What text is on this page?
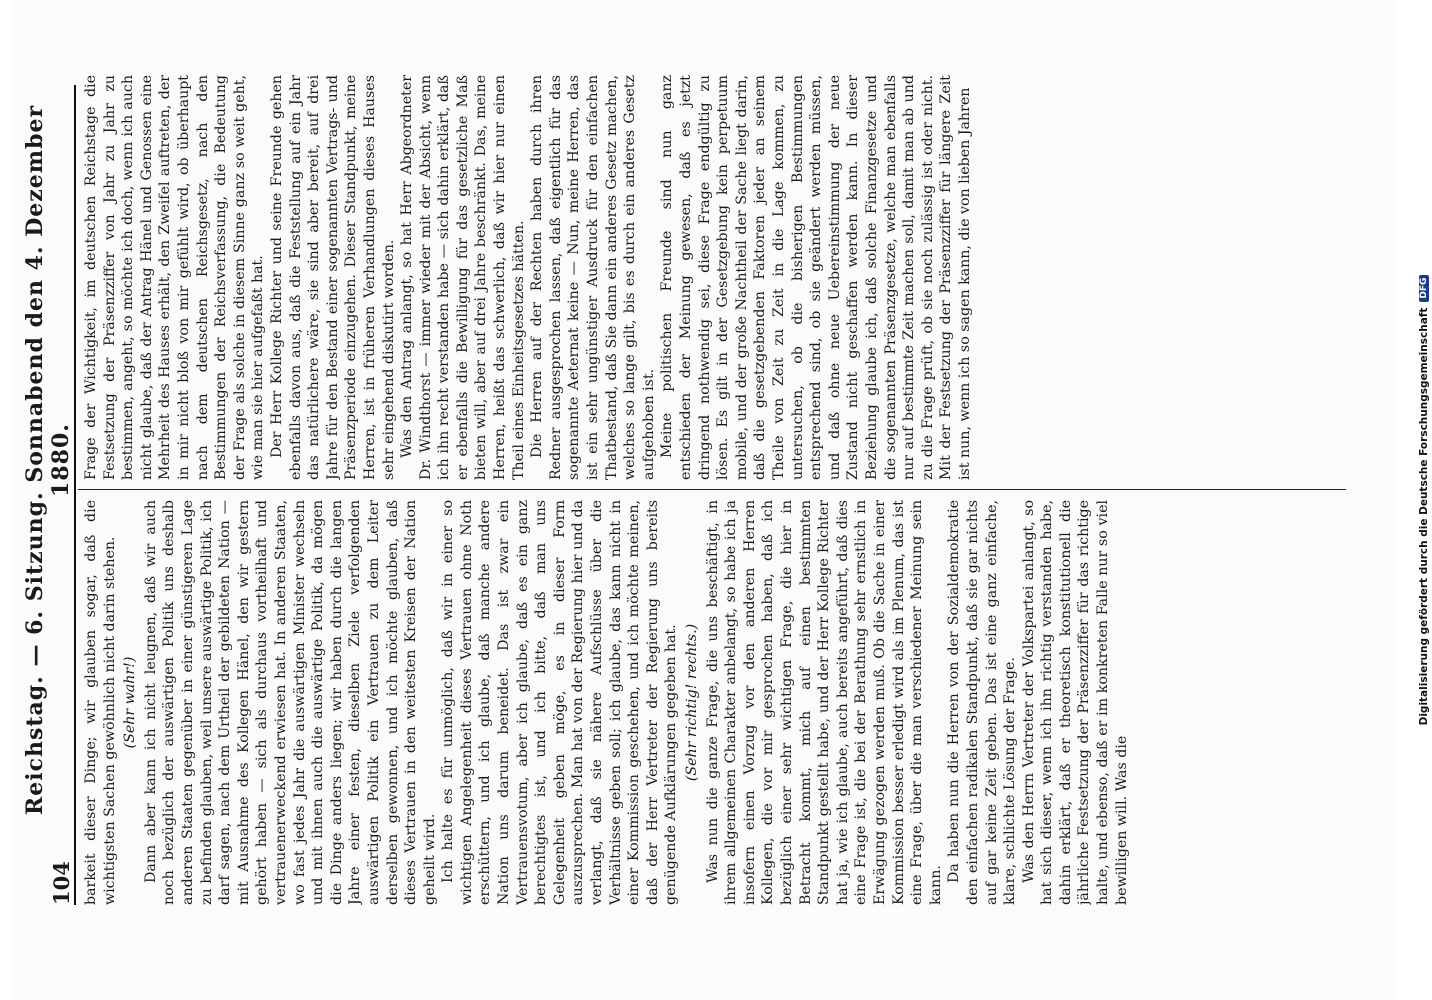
104
Reichstag. — 6. Sitzung. Sonnabend den 4. Dezember 1880.

barkeit dieser Dinge; wir glauben sogar, daß die wichtigsten Sachen gewöhnlich nicht darin stehen. (Sehr wahr!) Dann aber kann ich nicht leugnen, daß wir auch noch bezüglich der auswärtigen Politik uns deshalb anderen Staaten gegenüber in einer günstigeren Lage zu befinden glauben, weil unsere auswärtige Politik, ich darf sagen, nach dem Urtheil der gebildeten Nation — mit Ausnahme des Kollegen Hänel, den wir gestern gehört haben — sich als durchaus vortheilhaft und vertrauenerweckend erwiesen hat. In anderen Staaten, wo fast jedes Jahr die auswärtigen Minister wechseln und mit ihnen auch die auswärtige Politik, da mögen die Dinge anders liegen; wir haben durch die langen Jahre einer festen, dieselben Ziele verfolgenden auswärtigen Politik ein Vertrauen zu dem Leiter derselben gewonnen, und ich möchte glauben, daß dieses Vertrauen in den weitesten Kreisen der Nation geheilt wird. Ich halte es für unmöglich, daß wir in einer so wichtigen Angelegenheit dieses Vertrauen ohne Noth erschüttern, und ich glaube, daß manche andere Nation uns darum beneidet. Das ist zwar ein Vertrauensvotum, aber ich glaube, daß es ein ganz berechtigtes ist, und ich bitte, daß man uns Gelegenheit geben möge, es in dieser Form auszusprechen. Man hat von der Regierung hier und da verlangt, daß sie nähere Aufschlüsse über die Verhältnisse geben soll; ich glaube, das kann nicht in einer Kommission geschehen, und ich möchte meinen, daß der Herr Vertreter der Regierung uns bereits genügende Aufklärungen gegeben hat. (Sehr richtig! rechts.) Was nun die ganze Frage, die uns beschäftigt, in ihrem allgemeinen Charakter anbelangt, so habe ich ja insofern einen Vorzug vor den anderen Herren Kollegen, die vor mir gesprochen haben, daß ich bezüglich einer sehr wichtigen Frage, die hier in Betracht kommt, mich auf einen bestimmten Standpunkt gestellt habe, und der Herr Kollege Richter hat ja, wie ich glaube, auch bereits angeführt, daß dies eine Frage ist, die bei der Berathung sehr ernstlich in Erwägung gezogen werden muß. Ob die Sache in einer Kommission besser erledigt wird als im Plenum, das ist eine Frage, über die man verschiedener Meinung sein kann.

Da haben nun die Herren von der Sozialdemokratie den einfachen radikalen Standpunkt, daß sie gar nichts auf gar keine Zeit geben. Das ist eine ganz einfache, klare, schlichte Lösung der Frage. Was den Herrn Vertreter der Volkspartei anlangt, so hat sich dieser, wenn ich ihn richtig verstanden habe, dahin erklärt, daß er theoretisch konstitutionell die jährliche Festsetzung der Präsenzziffer für das richtige halte, und ebenso, daß er im konkreten Falle nur so viel bewilligen will. Was die

Frage der Wichtigkeit, im deutschen Reichstage die Festsetzung der Präsenzziffer von Jahr zu Jahr zu bestimmen, angeht, so möchte ich doch, wenn ich auch nicht glaube, daß der Antrag Hänel und Genossen eine Mehrheit des Hauses erhält, den Zweifel auftreten, der in mir nicht bloß von mir gefühlt wird, ob überhaupt nach dem deutschen Reichsgesetz, nach den Bestimmungen der Reichsverfassung, die Bedeutung der Frage als solche in diesem Sinne ganz so weit geht, wie man sie hier aufgefaßt hat. Der Herr Kollege Richter und seine Freunde gehen ebenfalls davon aus, daß die Feststellung auf ein Jahr das natürlichere wäre, sie sind aber bereit, auf drei Jahre für den Bestand einer sogenannten Vertrags- und Präsenzperiode einzugehen. Dieser Standpunkt, meine Herren, ist in früheren Verhandlungen dieses Hauses sehr eingehend diskutirt worden. Was den Antrag anlangt, so hat Herr Abgeordneter Dr. Windthorst — immer wieder mit der Absicht, wenn ich ihn recht verstanden habe — sich dahin erklärt, daß er ebenfalls die Bewilligung für das gesetzliche Maß bieten will, aber auf drei Jahre beschränkt. Das, meine Herren, heißt das schwerlich, daß wir hier nur einen Theil eines Einheitsgesetzes hätten. Die Herren auf der Rechten haben durch ihren Redner ausgesprochen lassen, daß eigentlich für das sogenannte Aeternat keine — Nun, meine Herren, das ist ein sehr ungünstiger Ausdruck für den einfachen Thatbestand, daß Sie dann ein anderes Gesetz machen, welches so lange gilt, bis es durch ein anderes Gesetz aufgehoben ist. Meine politischen Freunde sind nun ganz entschieden der Meinung gewesen, daß es jetzt dringend nothwendig sei, diese Frage endgültig zu lösen. Es gilt in der Gesetzgebung kein perpetuum mobile, und der große Nachtheil der Sache liegt darin, daß die gesetzgebenden Faktoren jeder an seinem Theile von Zeit zu Zeit in die Lage kommen, zu untersuchen, ob die bisherigen Bestimmungen entsprechend sind, ob sie geändert werden müssen, und daß ohne neue Uebereinstimmung der neue Zustand nicht geschaffen werden kann. In dieser Beziehung glaube ich, daß solche Finanzgesetze und die sogenannten Präsenzgesetze, welche man ebenfalls nur auf bestimmte Zeit machen soll, damit man ab und zu die Frage prüft, ob sie noch zulässig ist oder nicht. Mit der Festsetzung der Präsenzziffer für längere Zeit ist nun, wenn ich so sagen kann, die von lieben Jahren

Digitalisierung gefördert durch die Deutsche Forschungsgemeinschaft
DFG
